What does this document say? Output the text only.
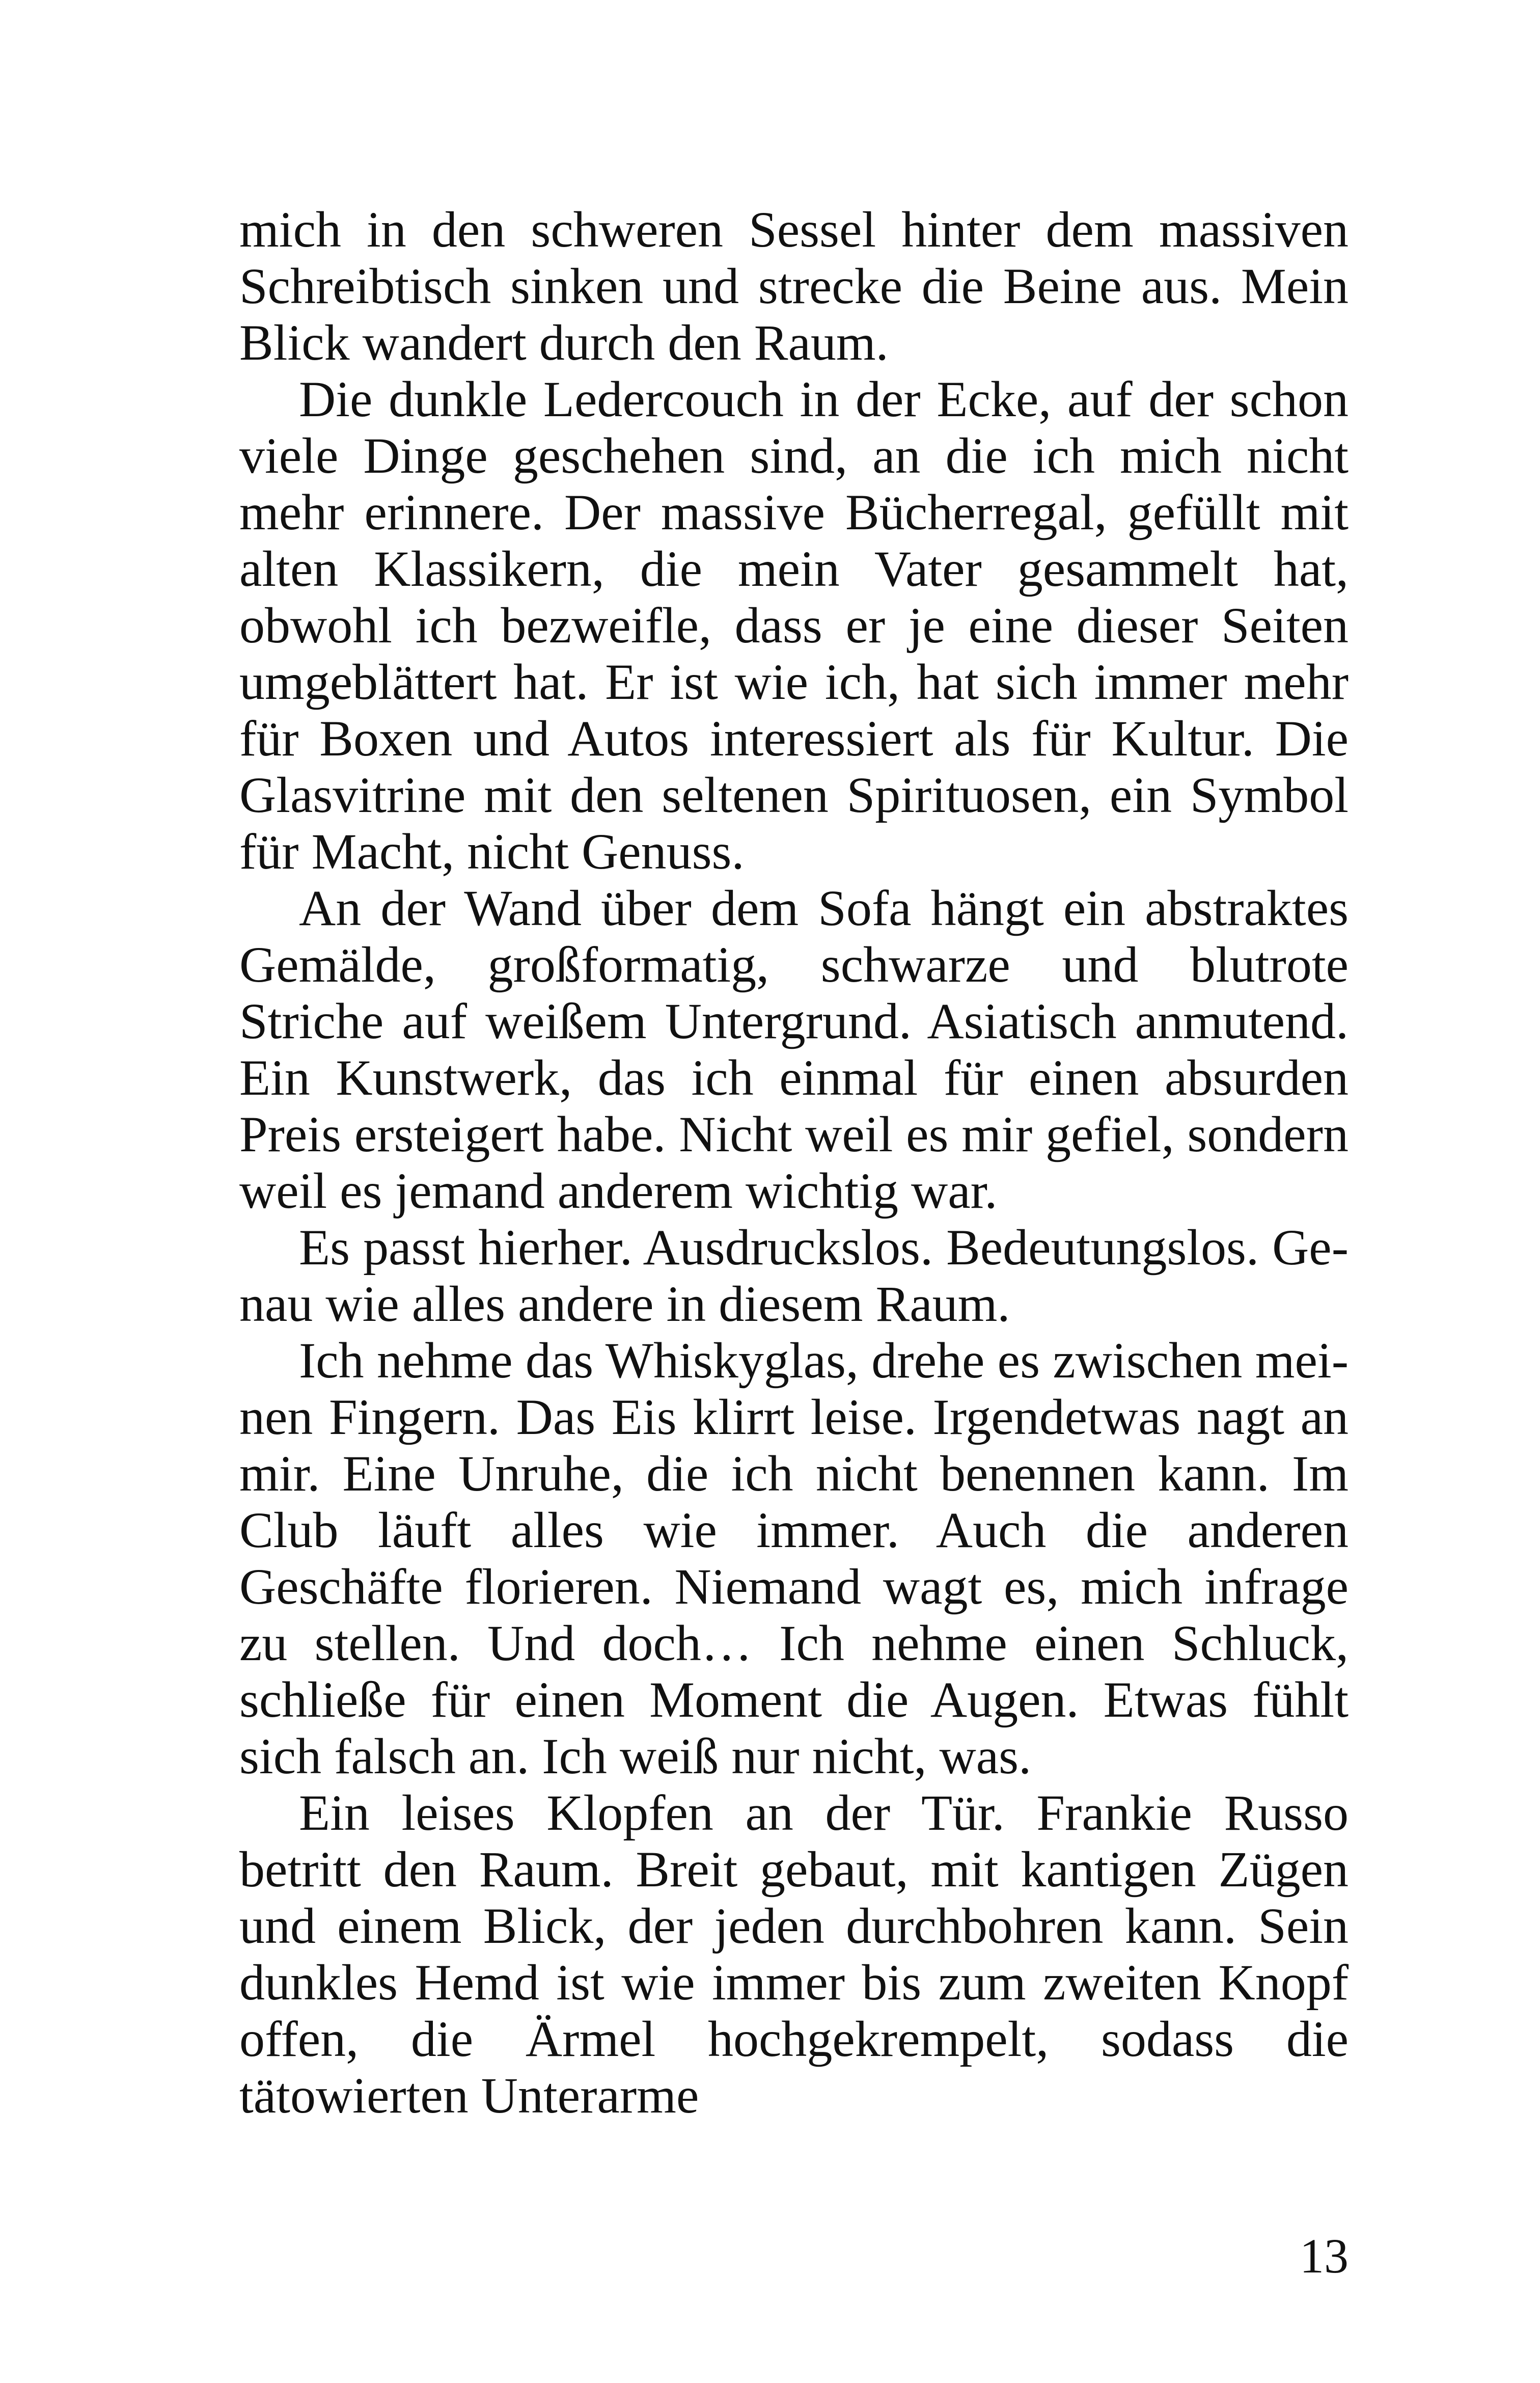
mich in den schweren Sessel hinter dem massiven Schreibtisch sinken und strecke die Beine aus. Mein Blick wandert durch den Raum.

Die dunkle Ledercouch in der Ecke, auf der schon viele Dinge geschehen sind, an die ich mich nicht mehr erinnere. Der massive Bücherregal, gefüllt mit alten Klassikern, die mein Vater gesammelt hat, obwohl ich bezweifle, dass er je eine dieser Seiten umgeblättert hat. Er ist wie ich, hat sich immer mehr für Boxen und Autos interessiert als für Kultur. Die Glasvitrine mit den seltenen Spirituosen, ein Symbol für Macht, nicht Genuss.

An der Wand über dem Sofa hängt ein abstraktes Gemälde, großformatig, schwarze und blutrote Striche auf weißem Untergrund. Asiatisch anmutend. Ein Kunstwerk, das ich einmal für einen absurden Preis ersteigert habe. Nicht weil es mir gefiel, sondern weil es jemand anderem wichtig war.

Es passt hierher. Ausdruckslos. Bedeutungslos. Genau wie alles andere in diesem Raum.

Ich nehme das Whiskyglas, drehe es zwischen meinen Fingern. Das Eis klirrt leise. Irgendetwas nagt an mir. Eine Unruhe, die ich nicht benennen kann. Im Club läuft alles wie immer. Auch die anderen Geschäfte florieren. Niemand wagt es, mich infrage zu stellen. Und doch… Ich nehme einen Schluck, schließe für einen Moment die Augen. Etwas fühlt sich falsch an. Ich weiß nur nicht, was.

Ein leises Klopfen an der Tür. Frankie Russo betritt den Raum. Breit gebaut, mit kantigen Zügen und einem Blick, der jeden durchbohren kann. Sein dunkles Hemd ist wie immer bis zum zweiten Knopf offen, die Ärmel hochgekrempelt, sodass die tätowierten Unterarme

13
